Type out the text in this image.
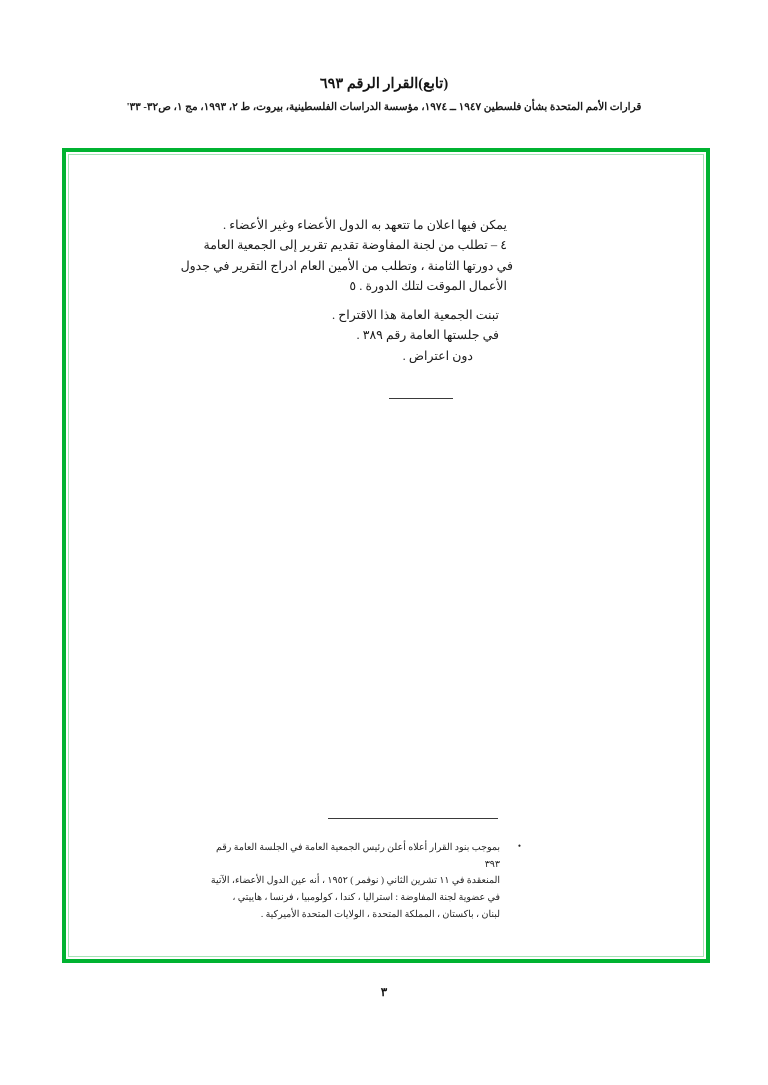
(تابع)القرار الرقم ٦٩٣
قرارات الأمم المتحدة بشأن فلسطين ١٩٤٧ ــ ١٩٧٤، مؤسسة الدراسات الفلسطينية، بيروت، ط ٢، ١٩٩٣، مج ١، ص٣٢- ٣٣'

يمكن فيها اعلان ما تتعهد به الدول الأعضاء وغير الأعضاء .

٤ – تطلب من لجنة المفاوضة تقديم تقرير إلى الجمعية العامة

في دورتها الثامنة ، وتطلب من الأمين العام ادراج التقرير في جدول

الأعمال الموقت لتلك الدورة . ٥

تبنت الجمعية العامة هذا الاقتراح .

في جلستها العامة رقم ٣٨٩ .

دون اعتراض .

•

بموجب بنود القرار أعلاه أعلن رئيس الجمعية العامة في الجلسة العامة رقم ٣٩٣

المنعقدة في ١١ تشرين الثاني ( نوفمر ) ١٩٥٢ ، أنه عين الدول الأعضاء، الآتية

في عضوية لجنة المفاوضة : استراليا ، كندا ، كولومبيا ، فرنسا ، هاييتي ،

لبنان ، باكستان ، المملكة المتحدة ، الولايات المتحدة الأميركية .

٣
